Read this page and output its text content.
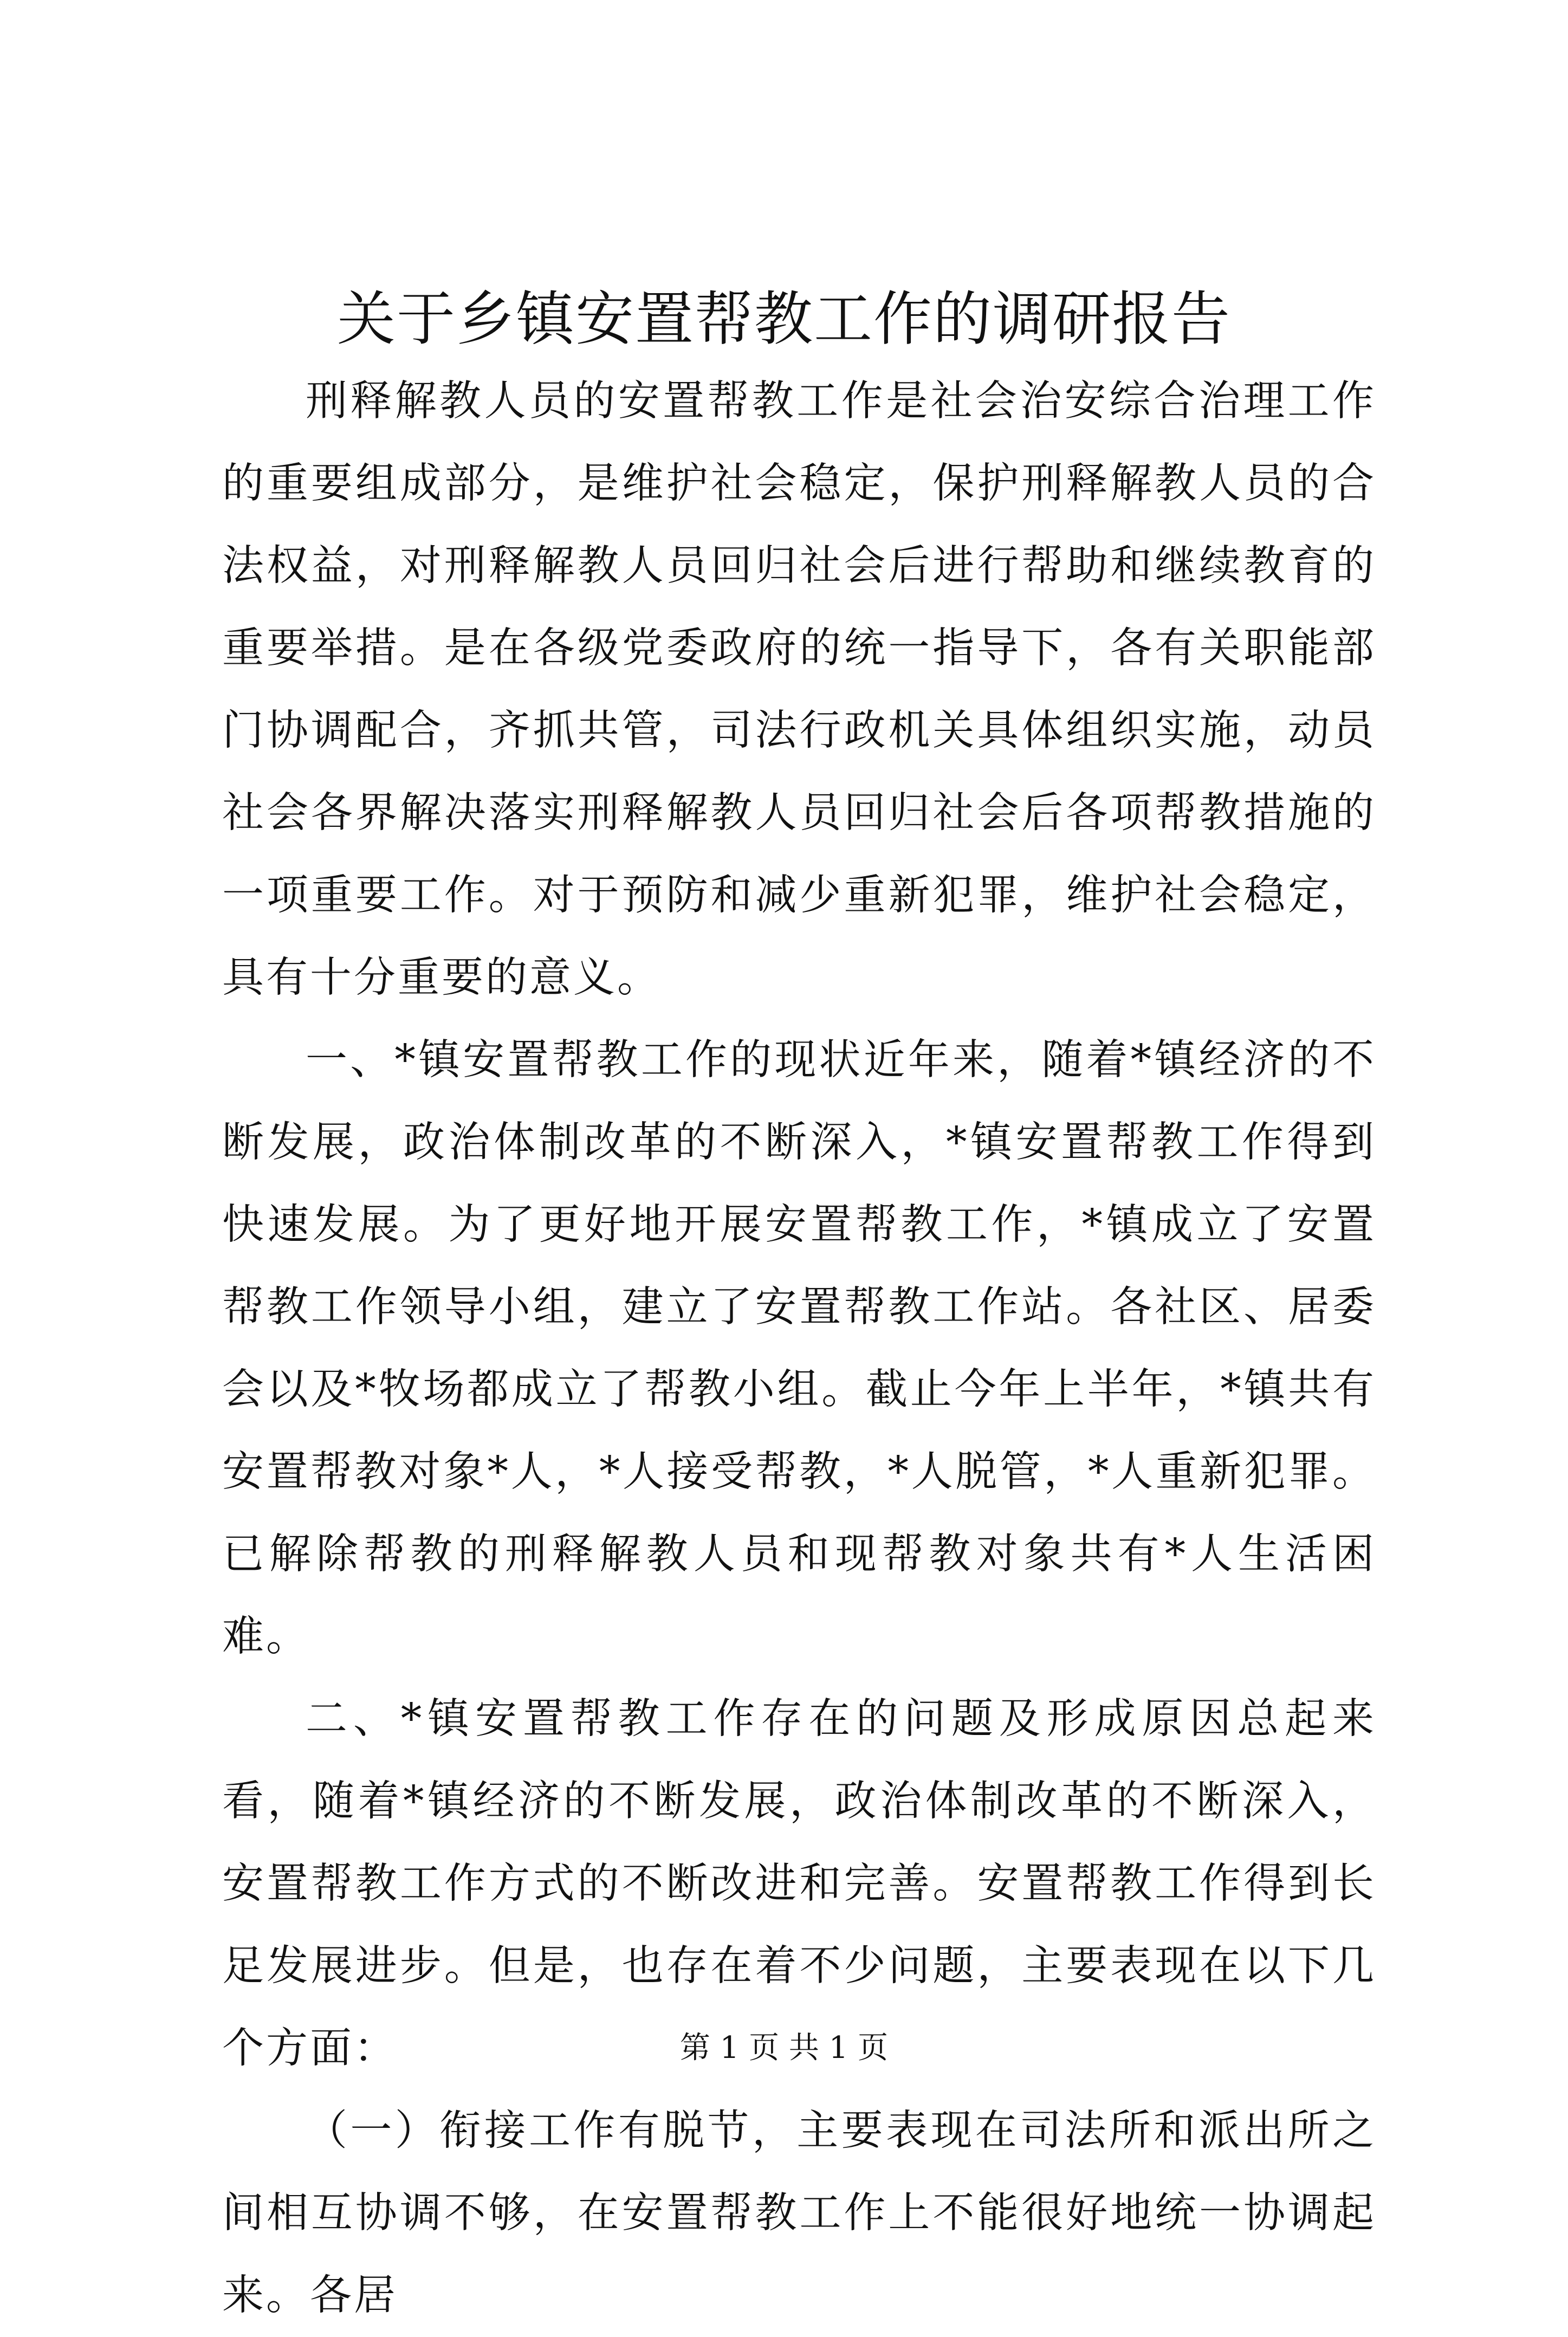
关于乡镇安置帮教工作的调研报告

刑释解教人员的安置帮教工作是社会治安综合治理工作的重要组成部分，是维护社会稳定，保护刑释解教人员的合法权益，对刑释解教人员回归社会后进行帮助和继续教育的重要举措。是在各级党委政府的统一指导下，各有关职能部门协调配合，齐抓共管，司法行政机关具体组织实施，动员社会各界解决落实刑释解教人员回归社会后各项帮教措施的一项重要工作。对于预防和减少重新犯罪，维护社会稳定，具有十分重要的意义。

一、*镇安置帮教工作的现状近年来，随着*镇经济的不断发展，政治体制改革的不断深入，*镇安置帮教工作得到快速发展。为了更好地开展安置帮教工作，*镇成立了安置帮教工作领导小组，建立了安置帮教工作站。各社区、居委会以及*牧场都成立了帮教小组。截止今年上半年，*镇共有安置帮教对象*人，*人接受帮教，*人脱管，*人重新犯罪。已解除帮教的刑释解教人员和现帮教对象共有*人生活困难。

二、*镇安置帮教工作存在的问题及形成原因总起来看，随着*镇经济的不断发展，政治体制改革的不断深入，安置帮教工作方式的不断改进和完善。安置帮教工作得到长足发展进步。但是，也存在着不少问题，主要表现在以下几个方面：

（一）衔接工作有脱节，主要表现在司法所和派出所之间相互协调不够，在安置帮教工作上不能很好地统一协调起来。各居

第 1 页 共 1 页
